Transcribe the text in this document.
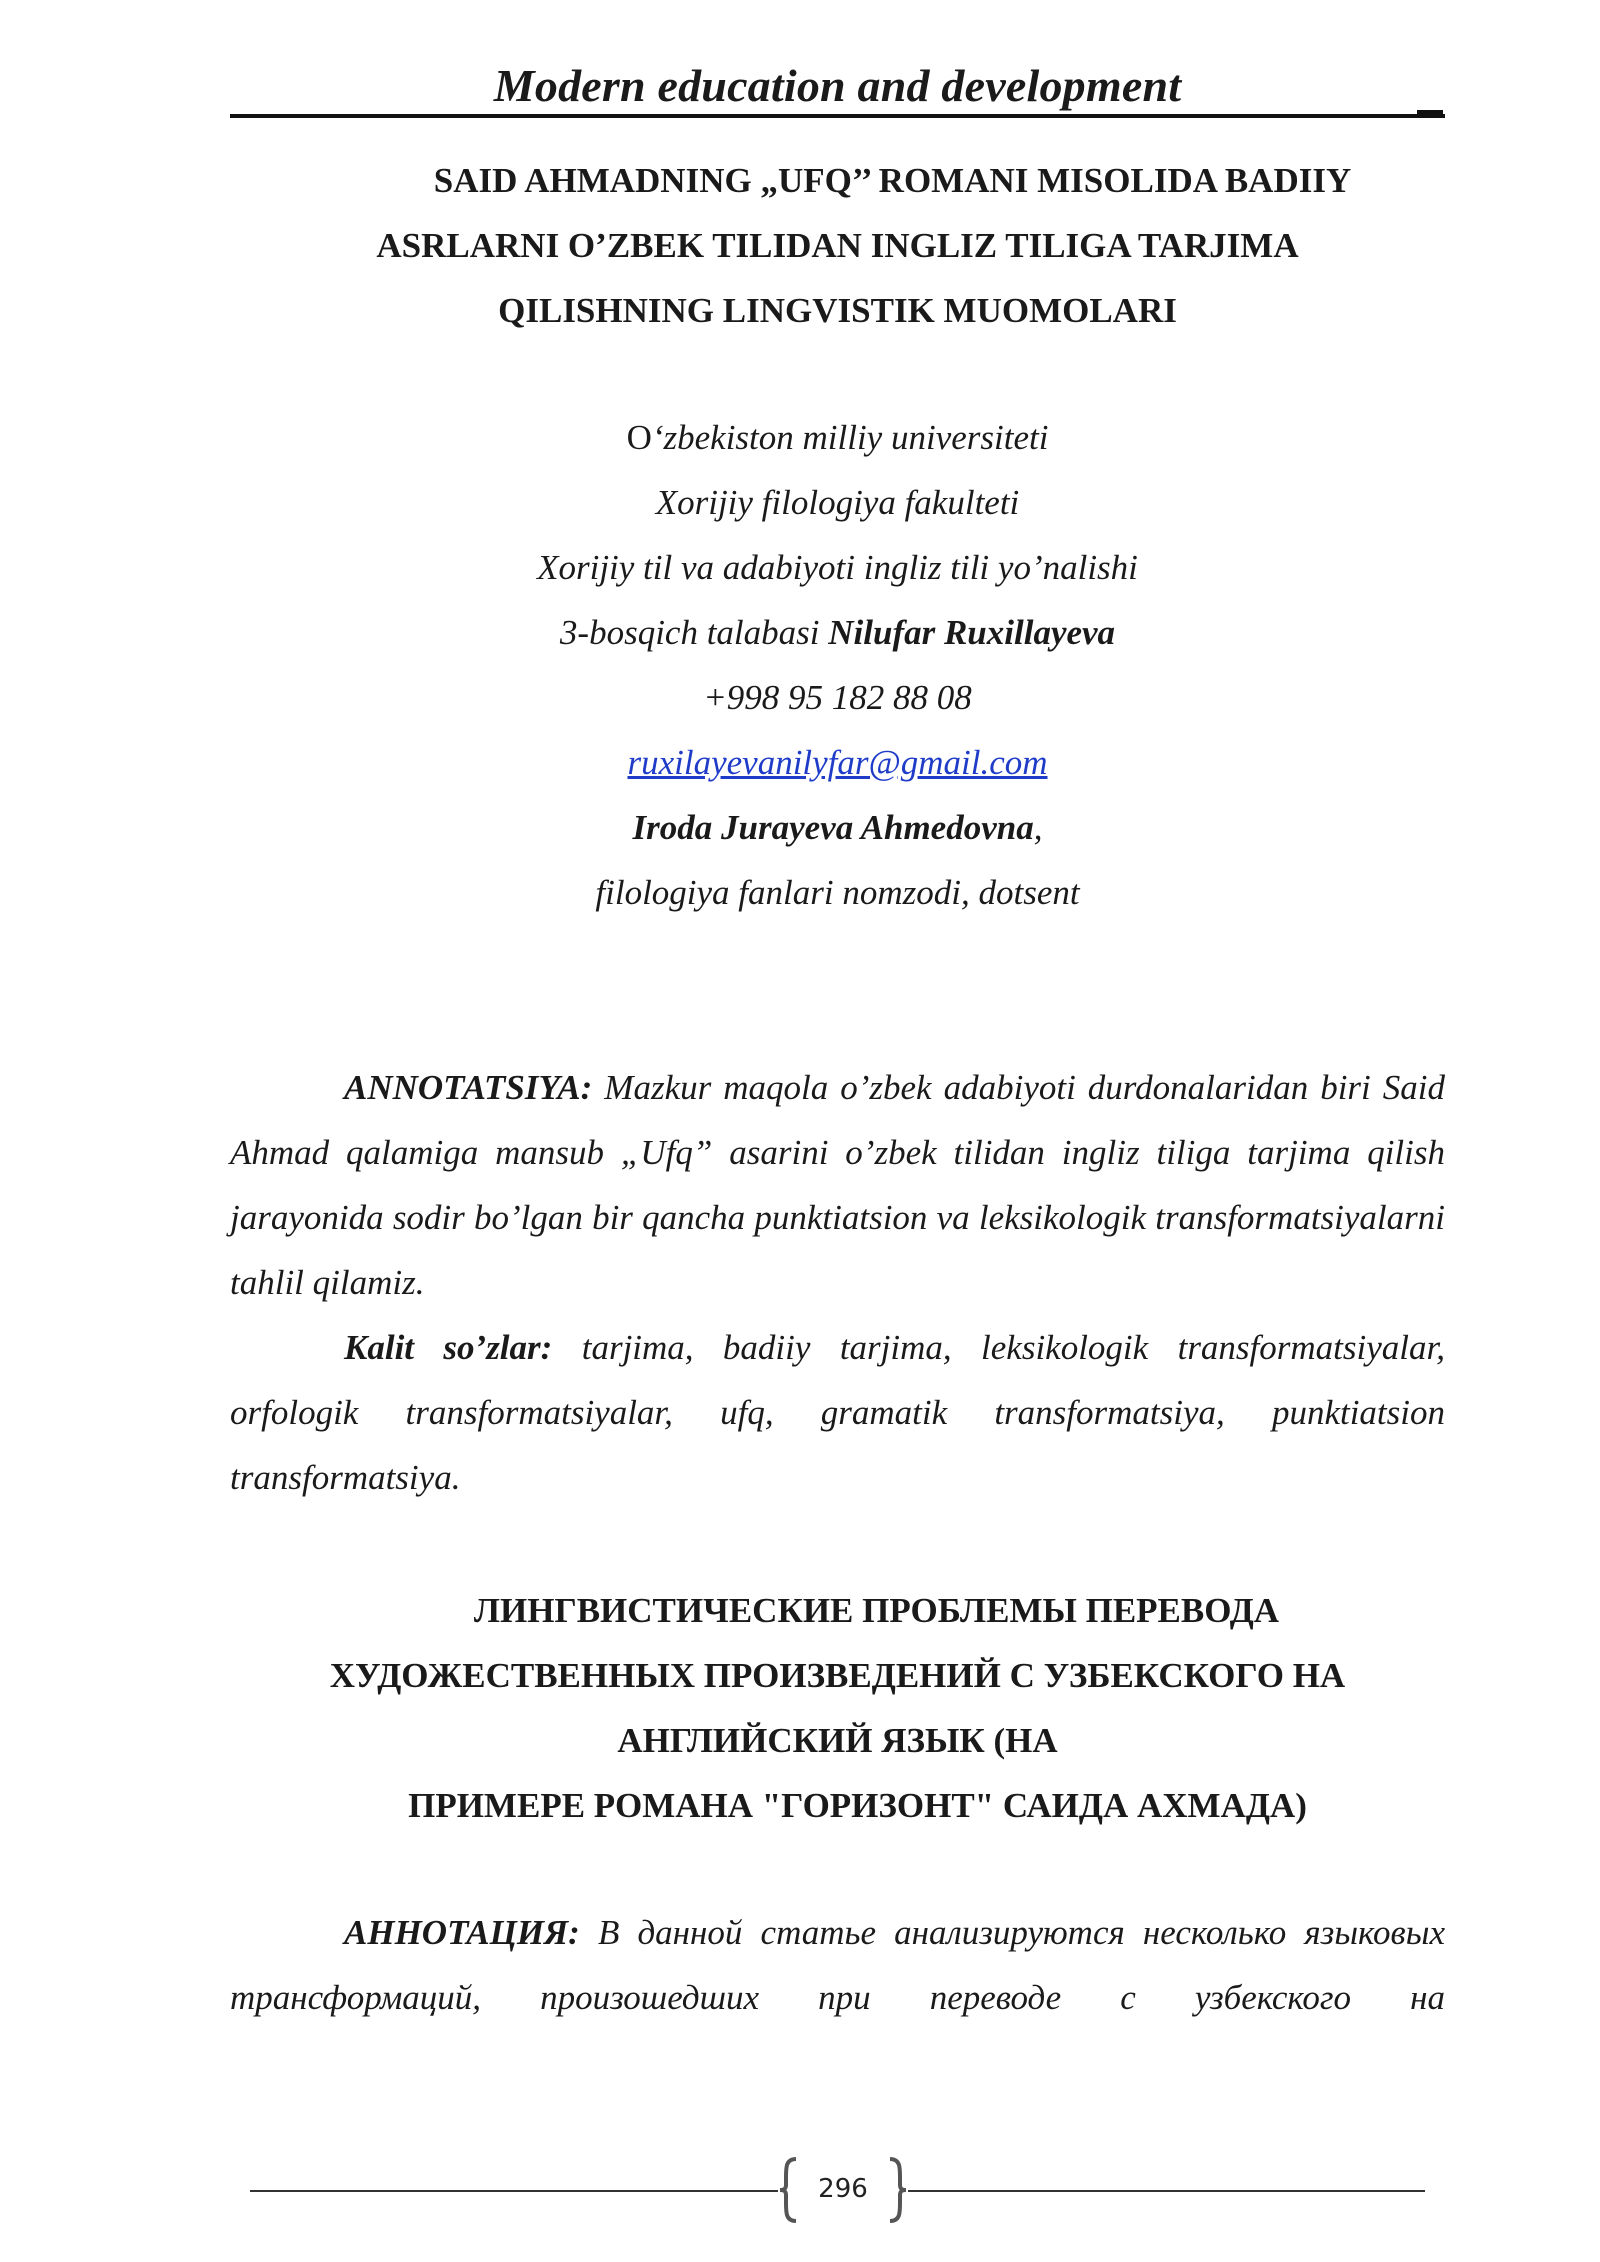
Modern education and development
SAID AHMADNING „UFQ’’ ROMANI MISOLIDA BADIIY
ASRLARNI O’ZBEK TILIDAN INGLIZ TILIGA TARJIMA
QILISHNING LINGVISTIK MUOMOLARI
O‘zbekiston milliy universiteti
Xorijiy filologiya fakulteti
Xorijiy til va adabiyoti ingliz tili yo’nalishi
3-bosqich talabasi Nilufar Ruxillayeva
+998 95 182 88 08
ruxilayevanilyfar@gmail.com
Iroda Jurayeva Ahmedovna,
filologiya fanlari nomzodi, dotsent

ANNOTATSIYA: Mazkur maqola o’zbek adabiyoti durdonalaridan biri Said Ahmad qalamiga mansub „Ufq” asarini o’zbek tilidan ingliz tiliga tarjima qilish jarayonida sodir bo’lgan bir qancha punktiatsion va leksikologik transformatsiyalarni tahlil qilamiz.

Kalit so’zlar: tarjima, badiiy tarjima, leksikologik transformatsiyalar, orfologik transformatsiyalar, ufq, gramatik transformatsiya, punktiatsion transformatsiya.

ЛИНГВИСТИЧЕСКИЕ ПРОБЛЕМЫ ПЕРЕВОДА
ХУДОЖЕСТВЕННЫХ ПРОИЗВЕДЕНИЙ С УЗБЕКСКОГО НА
АНГЛИЙСКИЙ ЯЗЫК (НА
ПРИМЕРЕ РОМАНА "ГОРИЗОНТ" САИДА АХМАДА)

АННОТАЦИЯ: В данной статье анализируются несколько языковых трансформаций, произошедших при переводе с узбекского на

296
